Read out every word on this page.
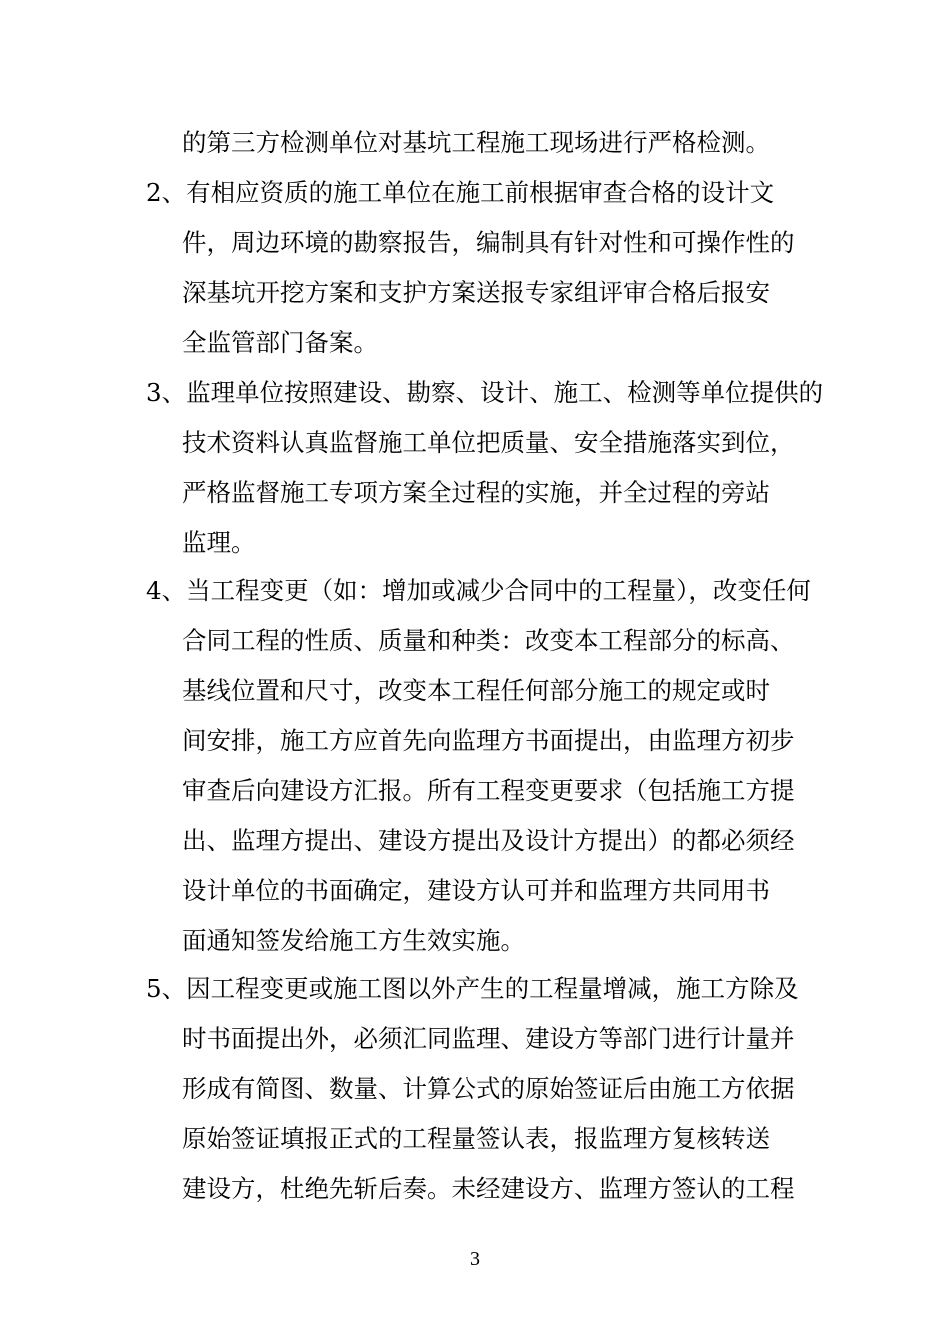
的第三方检测单位对基坑工程施工现场进行严格检测。
2、有相应资质的施工单位在施工前根据审查合格的设计文
件，周边环境的勘察报告，编制具有针对性和可操作性的
深基坑开挖方案和支护方案送报专家组评审合格后报安
全监管部门备案。
3、监理单位按照建设、勘察、设计、施工、检测等单位提供的
技术资料认真监督施工单位把质量、安全措施落实到位，
严格监督施工专项方案全过程的实施，并全过程的旁站
监理。
4、当工程变更（如：增加或减少合同中的工程量），改变任何
合同工程的性质、质量和种类：改变本工程部分的标高、
基线位置和尺寸，改变本工程任何部分施工的规定或时
间安排，施工方应首先向监理方书面提出，由监理方初步
审查后向建设方汇报。所有工程变更要求（包括施工方提
出、监理方提出、建设方提出及设计方提出）的都必须经
设计单位的书面确定，建设方认可并和监理方共同用书
面通知签发给施工方生效实施。
5、因工程变更或施工图以外产生的工程量增减，施工方除及
时书面提出外，必须汇同监理、建设方等部门进行计量并
形成有简图、数量、计算公式的原始签证后由施工方依据
原始签证填报正式的工程量签认表，报监理方复核转送
建设方，杜绝先斩后奏。未经建设方、监理方签认的工程
3
